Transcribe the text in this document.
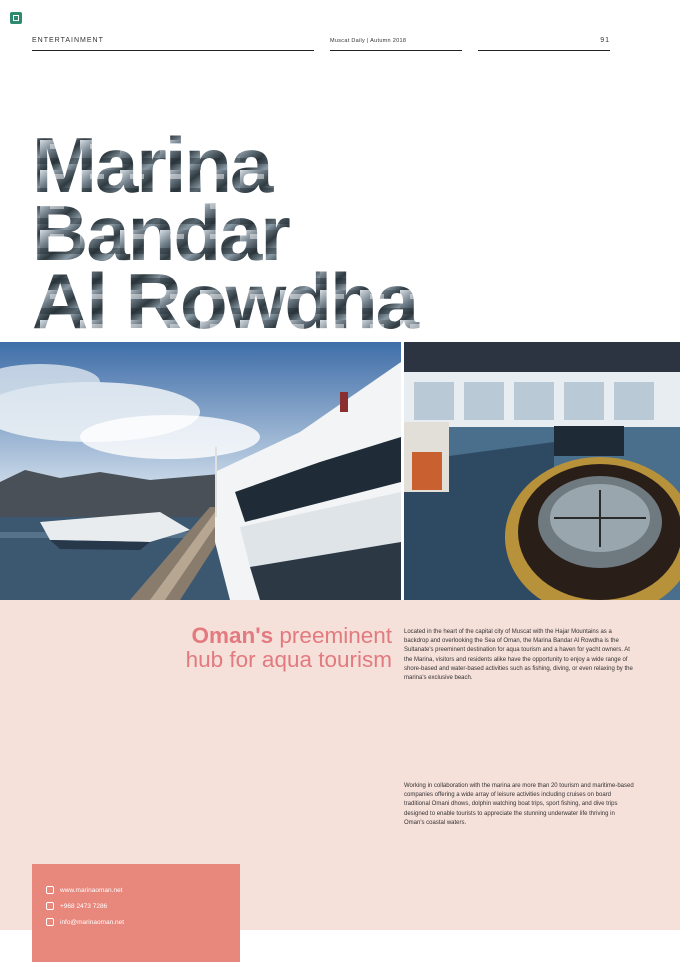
ENTERTAINMENT	Muscat Daily | Autumn 2018	91
Marina
Bandar
Al Rowdha
Oman's preeminent
hub for aqua tourism
Located in the heart of the capital city of Muscat with the Hajar Mountains as a backdrop and overlooking the Sea of Oman, the Marina Bandar Al Rowdha is the Sultanate's preeminent destination for aqua tourism and a haven for yacht owners. At the Marina, visitors and residents alike have the opportunity to enjoy a wide range of shore-based and water-based activities such as fishing, diving, or even relaxing by the marina's exclusive beach.
Working in collaboration with the marina are more than 20 tourism and maritime-based companies offering a wide array of leisure activities including cruises on board traditional Omani dhows, dolphin watching boat trips, sport fishing, and dive trips designed to enable tourists to appreciate the stunning underwater life thriving in Oman's coastal waters.
www.marinaoman.net
+968 2473 7286
info@marinaoman.net
